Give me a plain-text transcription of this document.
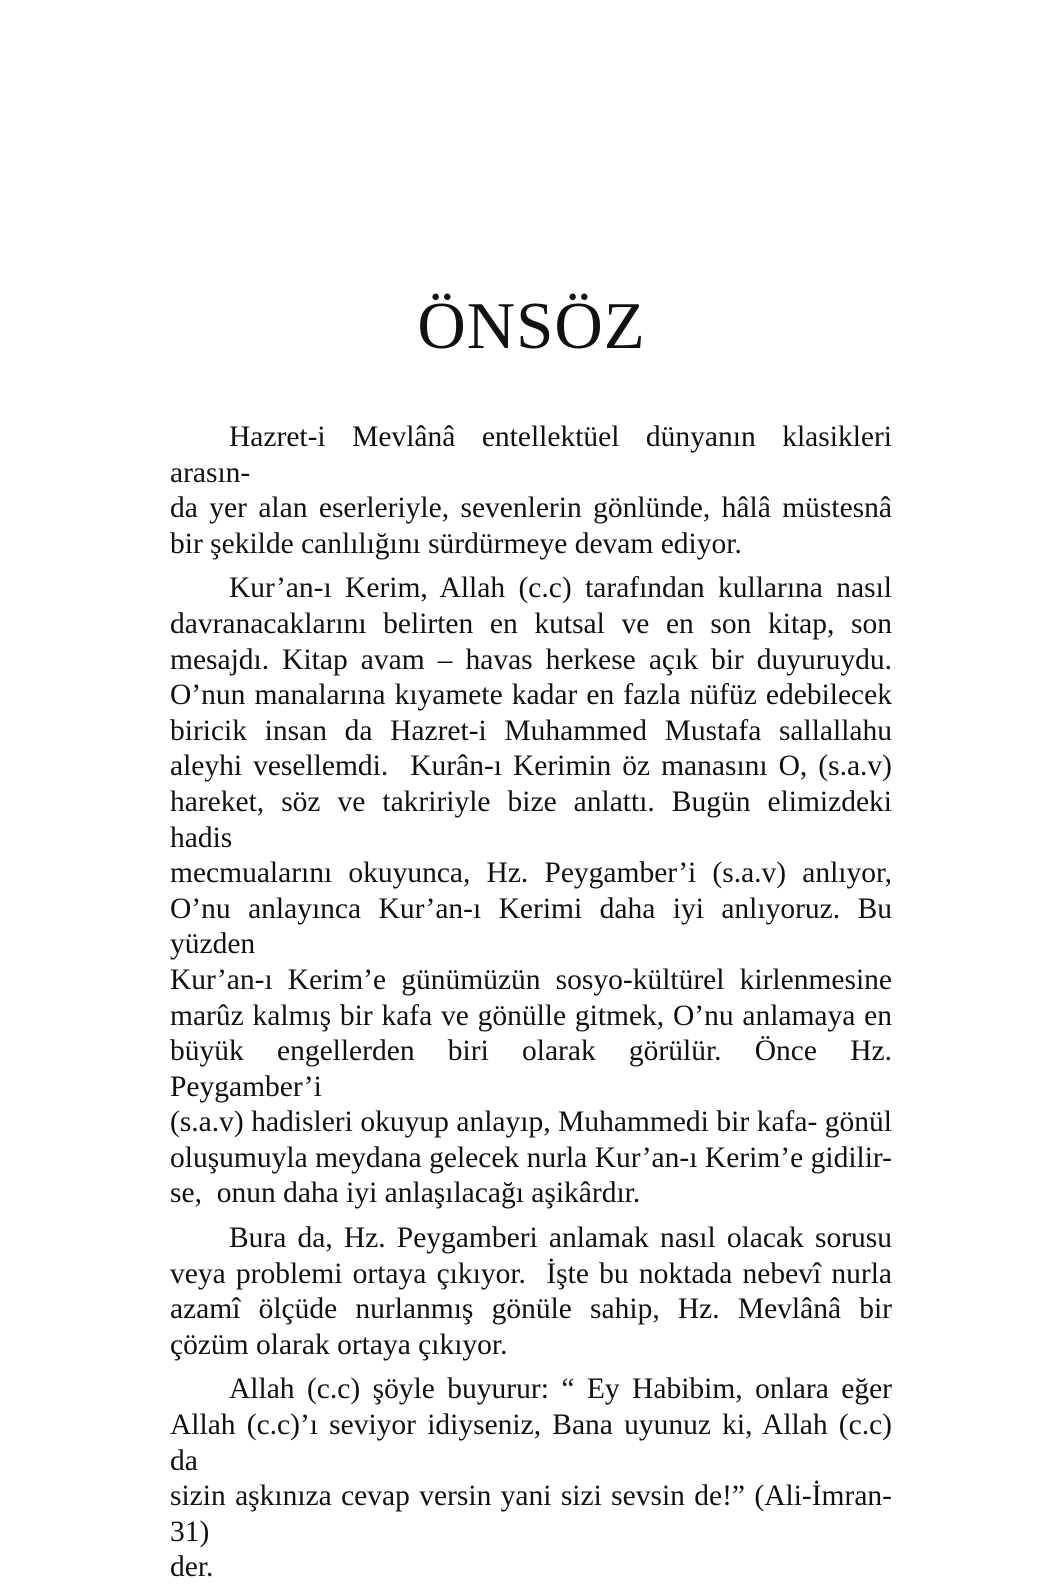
ÖNSÖZ

Hazret-i Mevlânâ entellektüel dünyanın klasikleri arasın-
da yer alan eserleriyle, sevenlerin gönlünde, hâlâ müstesnâ
bir şekilde canlılığını sürdürmeye devam ediyor.

Kur’an-ı Kerim, Allah (c.c) tarafından kullarına nasıl
davranacaklarını belirten en kutsal ve en son kitap, son
mesajdı. Kitap avam – havas herkese açık bir duyuruydu.
O’nun manalarına kıyamete kadar en fazla nüfüz edebilecek
biricik insan da Hazret-i Muhammed Mustafa sallallahu
aleyhi vesellemdi.  Kurân-ı Kerimin öz manasını O, (s.a.v)
hareket, söz ve takririyle bize anlattı. Bugün elimizdeki hadis
mecmualarını okuyunca, Hz. Peygamber’i (s.a.v) anlıyor,
O’nu anlayınca Kur’an-ı Kerimi daha iyi anlıyoruz. Bu yüzden
Kur’an-ı Kerim’e günümüzün sosyo-kültürel kirlenmesine
marûz kalmış bir kafa ve gönülle gitmek, O’nu anlamaya en
büyük engellerden biri olarak görülür. Önce Hz. Peygamber’i
(s.a.v) hadisleri okuyup anlayıp, Muhammedi bir kafa- gönül
oluşumuyla meydana gelecek nurla Kur’an-ı Kerim’e gidilir-
se,  onun daha iyi anlaşılacağı aşikârdır.

Bura da, Hz. Peygamberi anlamak nasıl olacak sorusu
veya problemi ortaya çıkıyor.  İşte bu noktada nebevî nurla
azamî ölçüde nurlanmış gönüle sahip, Hz. Mevlânâ bir
çözüm olarak ortaya çıkıyor.

Allah (c.c) şöyle buyurur: “ Ey Habibim, onlara eğer
Allah (c.c)’ı seviyor idiyseniz, Bana uyunuz ki, Allah (c.c) da
sizin aşkınıza cevap versin yani sizi sevsin de!” (Ali-İmran-31)
der.
